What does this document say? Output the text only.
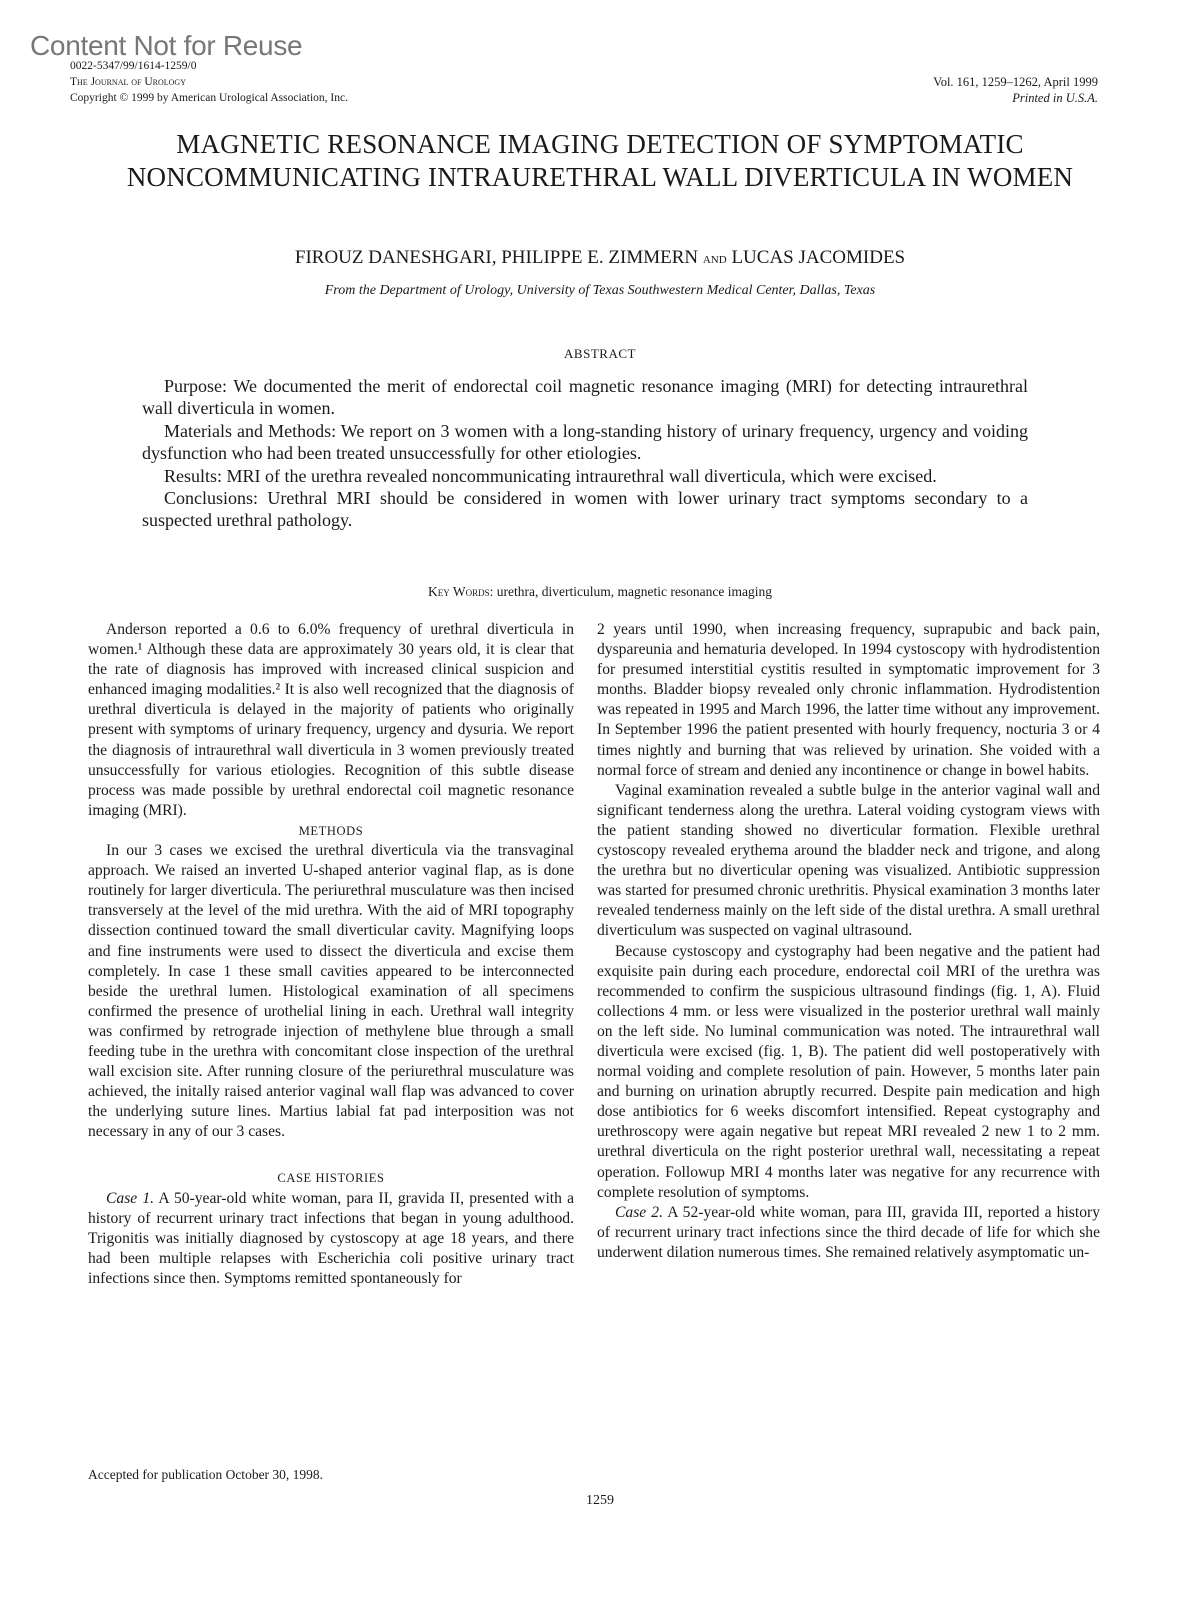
Content Not for Reuse
0022-5347/99/1614-1259/0
The Journal of Urology
Copyright © 1999 by American Urological Association, Inc.
Vol. 161, 1259–1262, April 1999
Printed in U.S.A.
MAGNETIC RESONANCE IMAGING DETECTION OF SYMPTOMATIC NONCOMMUNICATING INTRAURETHRAL WALL DIVERTICULA IN WOMEN
FIROUZ DANESHGARI, PHILIPPE E. ZIMMERN and LUCAS JACOMIDES
From the Department of Urology, University of Texas Southwestern Medical Center, Dallas, Texas
ABSTRACT

Purpose: We documented the merit of endorectal coil magnetic resonance imaging (MRI) for detecting intraurethral wall diverticula in women.

Materials and Methods: We report on 3 women with a long-standing history of urinary frequency, urgency and voiding dysfunction who had been treated unsuccessfully for other etiologies.

Results: MRI of the urethra revealed noncommunicating intraurethral wall diverticula, which were excised.

Conclusions: Urethral MRI should be considered in women with lower urinary tract symptoms secondary to a suspected urethral pathology.

Key Words: urethra, diverticulum, magnetic resonance imaging

Anderson reported a 0.6 to 6.0% frequency of urethral diverticula in women.¹ Although these data are approximately 30 years old, it is clear that the rate of diagnosis has improved with increased clinical suspicion and enhanced imaging modalities.² It is also well recognized that the diagnosis of urethral diverticula is delayed in the majority of patients who originally present with symptoms of urinary frequency, urgency and dysuria. We report the diagnosis of intraurethral wall diverticula in 3 women previously treated unsuccessfully for various etiologies. Recognition of this subtle disease process was made possible by urethral endorectal coil magnetic resonance imaging (MRI).

METHODS

In our 3 cases we excised the urethral diverticula via the transvaginal approach. We raised an inverted U-shaped anterior vaginal flap, as is done routinely for larger diverticula. The periurethral musculature was then incised transversely at the level of the mid urethra. With the aid of MRI topography dissection continued toward the small diverticular cavity. Magnifying loops and fine instruments were used to dissect the diverticula and excise them completely. In case 1 these small cavities appeared to be interconnected beside the urethral lumen. Histological examination of all specimens confirmed the presence of urothelial lining in each. Urethral wall integrity was confirmed by retrograde injection of methylene blue through a small feeding tube in the urethra with concomitant close inspection of the urethral wall excision site. After running closure of the periurethral musculature was achieved, the initally raised anterior vaginal wall flap was advanced to cover the underlying suture lines. Martius labial fat pad interposition was not necessary in any of our 3 cases.

CASE HISTORIES

Case 1. A 50-year-old white woman, para II, gravida II, presented with a history of recurrent urinary tract infections that began in young adulthood. Trigonitis was initially diagnosed by cystoscopy at age 18 years, and there had been multiple relapses with Escherichia coli positive urinary tract infections since then. Symptoms remitted spontaneously for

2 years until 1990, when increasing frequency, suprapubic and back pain, dyspareunia and hematuria developed. In 1994 cystoscopy with hydrodistention for presumed interstitial cystitis resulted in symptomatic improvement for 3 months. Bladder biopsy revealed only chronic inflammation. Hydrodistention was repeated in 1995 and March 1996, the latter time without any improvement. In September 1996 the patient presented with hourly frequency, nocturia 3 or 4 times nightly and burning that was relieved by urination. She voided with a normal force of stream and denied any incontinence or change in bowel habits.

Vaginal examination revealed a subtle bulge in the anterior vaginal wall and significant tenderness along the urethra. Lateral voiding cystogram views with the patient standing showed no diverticular formation. Flexible urethral cystoscopy revealed erythema around the bladder neck and trigone, and along the urethra but no diverticular opening was visualized. Antibiotic suppression was started for presumed chronic urethritis. Physical examination 3 months later revealed tenderness mainly on the left side of the distal urethra. A small urethral diverticulum was suspected on vaginal ultrasound.

Because cystoscopy and cystography had been negative and the patient had exquisite pain during each procedure, endorectal coil MRI of the urethra was recommended to confirm the suspicious ultrasound findings (fig. 1, A). Fluid collections 4 mm. or less were visualized in the posterior urethral wall mainly on the left side. No luminal communication was noted. The intraurethral wall diverticula were excised (fig. 1, B). The patient did well postoperatively with normal voiding and complete resolution of pain. However, 5 months later pain and burning on urination abruptly recurred. Despite pain medication and high dose antibiotics for 6 weeks discomfort intensified. Repeat cystography and urethroscopy were again negative but repeat MRI revealed 2 new 1 to 2 mm. urethral diverticula on the right posterior urethral wall, necessitating a repeat operation. Followup MRI 4 months later was negative for any recurrence with complete resolution of symptoms.

Case 2. A 52-year-old white woman, para III, gravida III, reported a history of recurrent urinary tract infections since the third decade of life for which she underwent dilation numerous times. She remained relatively asymptomatic un-

Accepted for publication October 30, 1998.
1259
